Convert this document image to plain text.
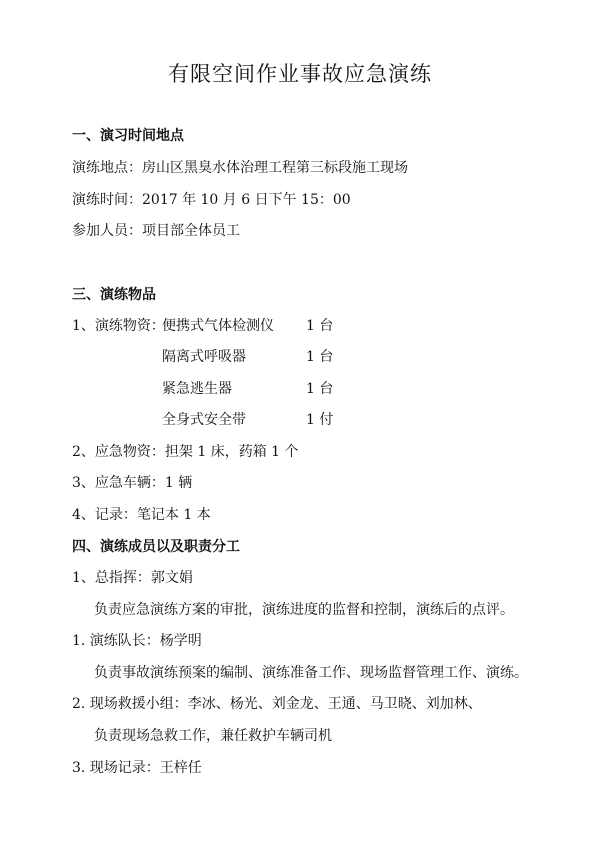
有限空间作业事故应急演练
一、演习时间地点
演练地点：房山区黑臭水体治理工程第三标段施工现场
演练时间：2017 年 10 月 6 日下午 15：00
参加人员：项目部全体员工
三、演练物品
1、演练物资：
便携式气体检测仪 1 台
隔离式呼吸器	1 台
紧急逃生器	1 台
全身式安全带	1 付
2、应急物资：担架 1 床，药箱 1 个
3、应急车辆：1 辆
4、记录：笔记本 1 本
四、演练成员以及职责分工
1、总指挥：郭文娟
负责应急演练方案的审批，演练进度的监督和控制，演练后的点评。
1. 演练队长：杨学明
负责事故演练预案的编制、演练准备工作、现场监督管理工作、演练。
2. 现场救援小组：李冰、杨光、刘金龙、王通、马卫晓、刘加林、
负责现场急救工作，兼任救护车辆司机
3. 现场记录：王梓任
